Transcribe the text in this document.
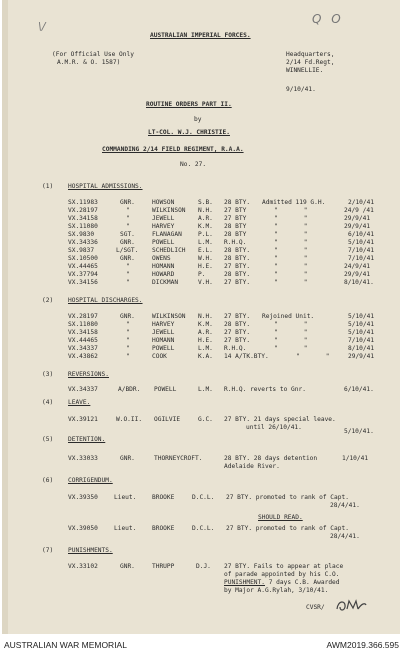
\/
Q O
AUSTRALIAN IMPERIAL FORCES.
(For Official Use Only
A.M.R. & O. 1587)
Headquarters,
2/14 Fd.Regt,
WINNELLIE.
9/10/41.
ROUTINE ORDERS PART II.
by
LT-COL. W.J. CHRISTIE.
COMMANDING 2/14 FIELD REGIMENT, R.A.A.
No. 27.
(1) HOSPITAL ADMISSIONS.
SX.11983	GNR.	HOWSON	S.B. 28 BTY. Admitted 119 G.H.	2/10/41
VX.28197	"	WILKINSON N.H. 27 BTY	"       "	24/9 /41
VX.34158	"	JEWELL	A.R. 27 BTY	"       "	29/9/41
SX.11080	"	HARVEY	K.M. 28 BTY	"       "	29/9/41
SX.9830	SGT.	FLANAGAN	P.L. 28 BTY	"       "	6/10/41
VX.34336	GNR.	POWELL	L.M. R.H.Q.	"       "	5/10/41
SX.9837	L/SGT. SCHEDLICH E.L. 28 BTY.	"       "	7/10/41
SX.10500	GNR.	OWENS	W.H. 28 BTY.	"       "	7/10/41
VX.44465	"	HOMANN	H.E. 27 BTY.	"       "	24/9/41
VX.37794	"	HOWARD	P.	28 BTY.	"       "	29/9/41
VX.34156	"	DICKMAN	V.H. 27 BTY.	"       "	8/10/41.
(2) HOSPITAL DISCHARGES.
VX.28197	GNR.	WILKINSON N.H. 27 BTY. Rejoined Unit.	5/10/41
SX.11080	"	HARVEY	K.M. 28 BTY.	"       "	5/10/41
VX.34158	"	JEWELL	A.R. 27 BTY.	"       "	5/10/41
VX.44465	"	HOMANN	H.E. 27 BTY.	"       "	7/10/41
VX.34337	"	POWELL	L.M. R.H.Q.	"       "	8/10/41
VX.43862	"	COOK	K.A. 14 A/TK.BTY.	"       "	29/9/41
(3) REVERSIONS.
VX.34337	A/BDR. POWELL	L.M. R.H.Q. reverts to Gnr.	6/10/41.
(4) LEAVE.
VX.39121	W.O.II. OGILVIE	G.C. 27 BTY. 21 days special leave.
until 26/10/41.
5/10/41.
(5) DETENTION.
VX.33033	GNR.	THORNEYCROFT.	28 BTY. 28 days detention
Adelaide River.
1/10/41
(6) CORRIGENDUM.
VX.39350	Lieut.	BROOKE	D.C.L. 27 BTY. promoted to rank of Capt.
28/4/41.
SHOULD READ.
VX.39050	Lieut.	BROOKE	D.C.L. 27 BTY. promoted to rank of Capt.
28/4/41.
(7) PUNISHMENTS.
VX.33102	GNR.	THRUPP	D.J. 27 BTY. Fails to appear at place
of parade appointed by his C.O.
PUNISHMENT. 7 days C.B. Awarded
by Major A.G.Rylah, 3/10/41.
CVSR/
AUSTRALIAN WAR MEMORIAL	AWM2019.366.595
